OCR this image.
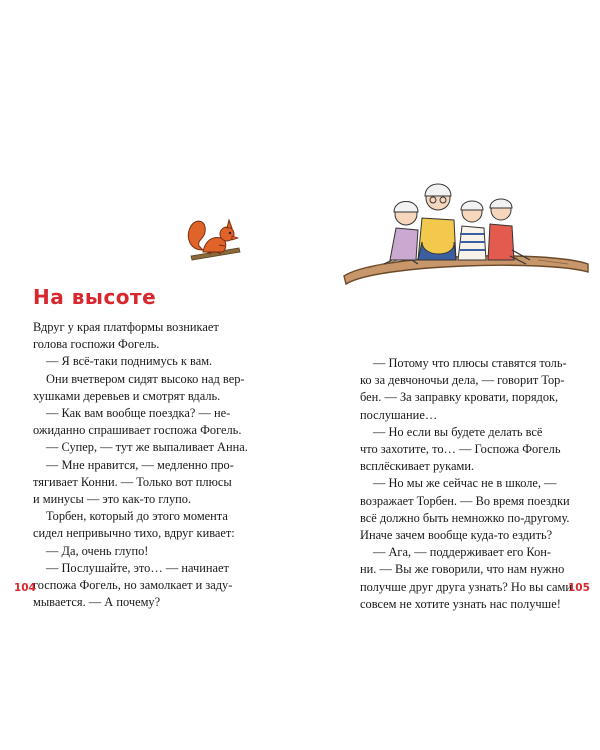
На высоте
Вдруг у края платформы возникает
голова госпожи Фогель.
— Я всё-таки поднимусь к вам.
Они вчетвером сидят высоко над вер-
хушками деревьев и смотрят вдаль.
— Как вам вообще поездка? — не-
ожиданно спрашивает госпожа Фогель.
— Супер, — тут же выпаливает Анна.
— Мне нравится, — медленно про-
тягивает Конни. — Только вот плюсы
и минусы — это как-то глупо.
Торбен, который до этого момента
сидел непривычно тихо, вдруг кивает:
— Да, очень глупо!
— Послушайте, это… — начинает
госпожа Фогель, но замолкает и заду-
мывается. — А почему?
104
— Потому что плюсы ставятся толь-
ко за девчоночьи дела, — говорит Тор-
бен. — За заправку кровати, порядок,
послушание…
— Но если вы будете делать всё
что захотите, то… — Госпожа Фогель
всплёскивает руками.
— Но мы же сейчас не в школе, —
возражает Торбен. — Во время поездки
всё должно быть немножко по-другому.
Иначе зачем вообще куда-то ездить?
— Ага, — поддерживает его Кон-
ни. — Вы же говорили, что нам нужно
получше друг друга узнать? Но вы сами
совсем не хотите узнать нас получше!
105
